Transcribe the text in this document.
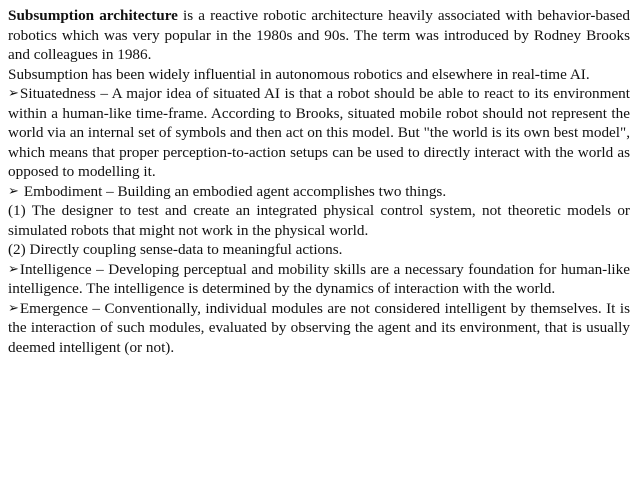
Subsumption architecture is a reactive robotic architecture heavily associated with behavior-based robotics which was very popular in the 1980s and 90s. The term was introduced by Rodney Brooks and colleagues in 1986.

Subsumption has been widely influential in autonomous robotics and elsewhere in real-time AI.

➢Situatedness – A major idea of situated AI is that a robot should be able to react to its environment within a human-like time-frame. According to Brooks, situated mobile robot should not represent the world via an internal set of symbols and then act on this model. But "the world is its own best model", which means that proper perception-to-action setups can be used to directly interact with the world as opposed to modelling it.

➢ Embodiment – Building an embodied agent accomplishes two things.

(1) The designer to test and create an integrated physical control system, not theoretic models or simulated robots that might not work in the physical world.

(2) Directly coupling sense-data to meaningful actions.

➢Intelligence – Developing perceptual and mobility skills are a necessary foundation for human-like intelligence. The intelligence is determined by the dynamics of interaction with the world.

➢Emergence – Conventionally, individual modules are not considered intelligent by themselves. It is the interaction of such modules, evaluated by observing the agent and its environment, that is usually deemed intelligent (or not).
